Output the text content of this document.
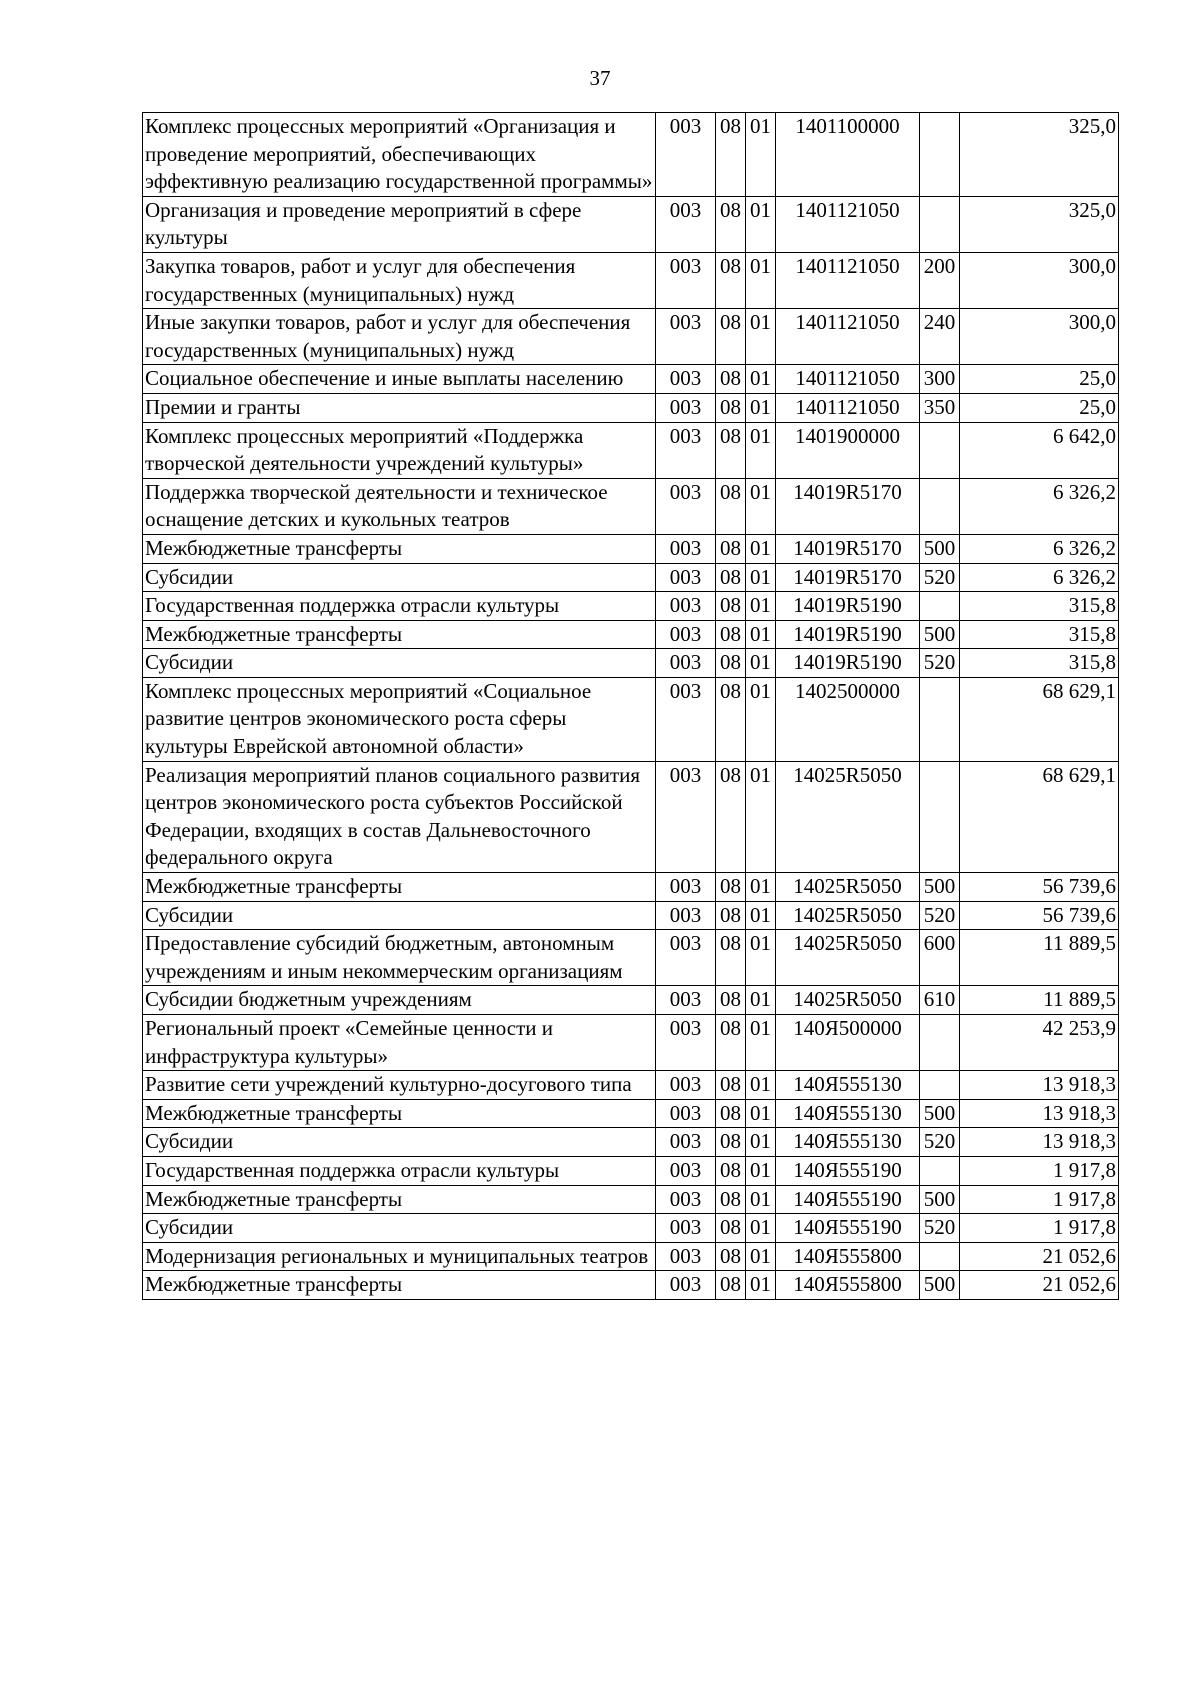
37
Комплекс процессных мероприятий «Организация и проведение мероприятий, обеспечивающих эффективную реализацию государственной программы»	003	08	01	1401100000		325,0
Организация и проведение мероприятий в сфере культуры	003	08	01	1401121050		325,0
Закупка товаров, работ и услуг для обеспечения государственных (муниципальных) нужд	003	08	01	1401121050	200	300,0
Иные закупки товаров, работ и услуг для обеспечения государственных (муниципальных) нужд	003	08	01	1401121050	240	300,0
Социальное обеспечение и иные выплаты населению	003	08	01	1401121050	300	25,0
Премии и гранты	003	08	01	1401121050	350	25,0
Комплекс процессных мероприятий «Поддержка творческой деятельности учреждений культуры»	003	08	01	1401900000		6 642,0
Поддержка творческой деятельности и техническое оснащение детских и кукольных театров	003	08	01	14019R5170		6 326,2
Межбюджетные трансферты	003	08	01	14019R5170	500	6 326,2
Субсидии	003	08	01	14019R5170	520	6 326,2
Государственная поддержка отрасли культуры	003	08	01	14019R5190		315,8
Межбюджетные трансферты	003	08	01	14019R5190	500	315,8
Субсидии	003	08	01	14019R5190	520	315,8
Комплекс процессных мероприятий «Социальное развитие центров экономического роста сферы культуры Еврейской автономной области»	003	08	01	1402500000		68 629,1
Реализация мероприятий планов социального развития центров экономического роста субъектов Российской Федерации, входящих в состав Дальневосточного федерального округа	003	08	01	14025R5050		68 629,1
Межбюджетные трансферты	003	08	01	14025R5050	500	56 739,6
Субсидии	003	08	01	14025R5050	520	56 739,6
Предоставление субсидий бюджетным, автономным учреждениям и иным некоммерческим организациям	003	08	01	14025R5050	600	11 889,5
Субсидии бюджетным учреждениям	003	08	01	14025R5050	610	11 889,5
Региональный проект «Семейные ценности и инфраструктура культуры»	003	08	01	140Я500000		42 253,9
Развитие сети учреждений культурно-досугового типа	003	08	01	140Я555130		13 918,3
Межбюджетные трансферты	003	08	01	140Я555130	500	13 918,3
Субсидии	003	08	01	140Я555130	520	13 918,3
Государственная поддержка отрасли культуры	003	08	01	140Я555190		1 917,8
Межбюджетные трансферты	003	08	01	140Я555190	500	1 917,8
Субсидии	003	08	01	140Я555190	520	1 917,8
Модернизация региональных и муниципальных театров	003	08	01	140Я555800		21 052,6
Межбюджетные трансферты	003	08	01	140Я555800	500	21 052,6
